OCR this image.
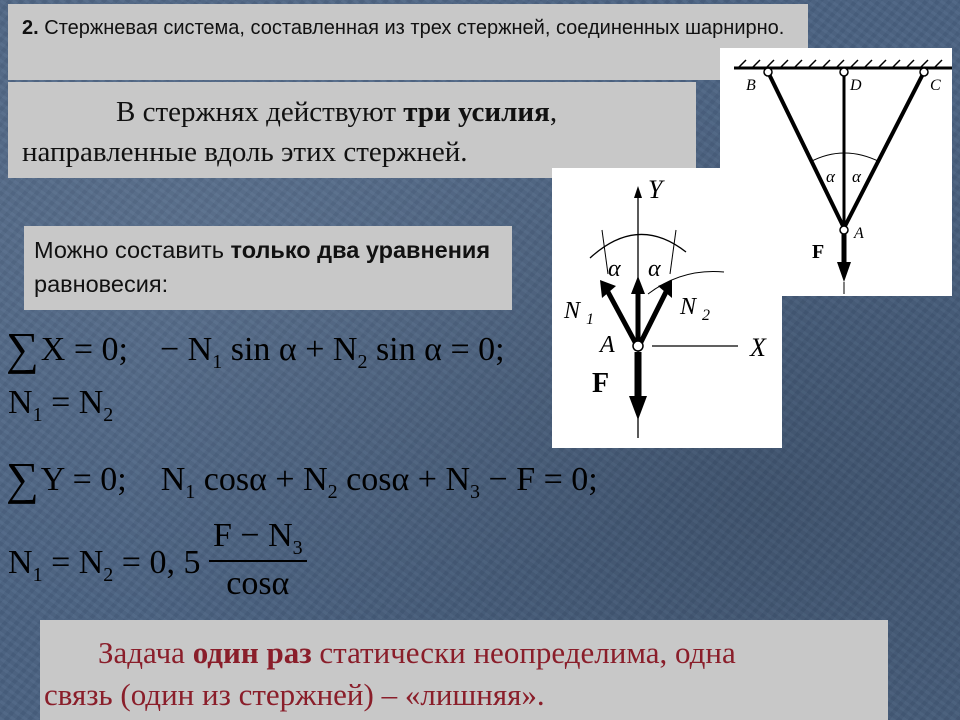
2. Стержневая система, составленная из трех стержней, соединенных шарнирно.
В стержнях действуют три усилия,
направленные вдоль этих стержней.
Можно составить только два уравнения равновесия:
B	D	C
A
α α
F
Y
X
A
N 1	N 2
α α
F
∑X = 0; − $N_1$ $\sin \alpha + N_2$ sin α = 0;
$N_1 = N_2$
∑Y = 0; $N_1$ $\cos\alpha + N_2$ $\cos\alpha + N_3 - F = 0$;
$N_1 = N_2 = 0$, $5 \frac{F - N_3}{\cos\alpha}$
Задача один раз статически неопределима, одна
связь (один из стержней) – «лишняя».
